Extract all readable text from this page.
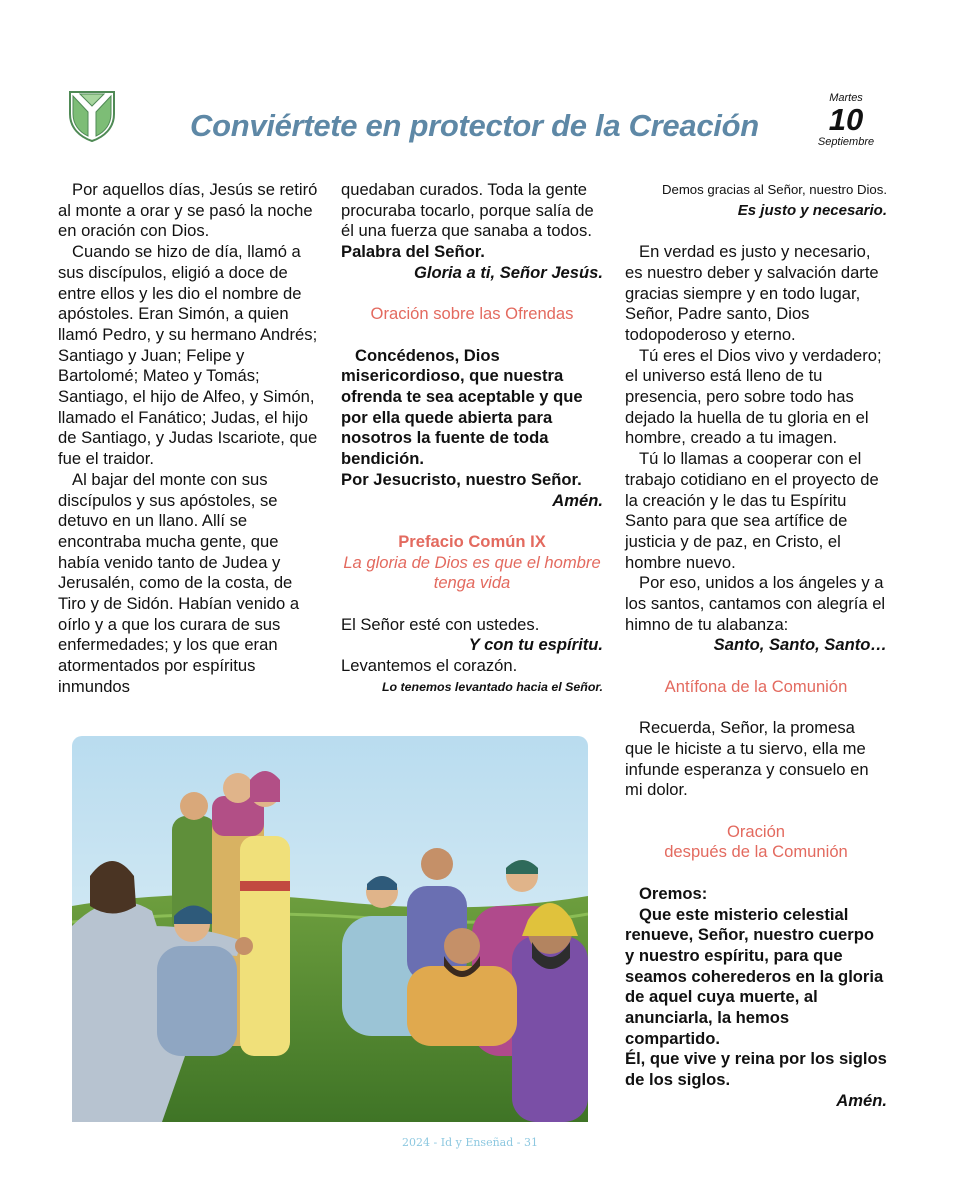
Conviértete en protector de la Creación
Martes
10
Septiembre

Por aquellos días, Jesús se retiró al monte a orar y se pasó la noche en oración con Dios.

Cuando se hizo de día, llamó a sus discípulos, eligió a doce de entre ellos y les dio el nombre de apóstoles. Eran Simón, a quien llamó Pedro, y su hermano Andrés; Santiago y Juan; Felipe y Bartolomé; Mateo y Tomás; Santiago, el hijo de Alfeo, y Simón, llamado el Fanático; Judas, el hijo de Santiago, y Judas Iscariote, que fue el traidor.

Al bajar del monte con sus discípulos y sus apóstoles, se detuvo en un llano. Allí se encontraba mucha gente, que había venido tanto de Judea y Jerusalén, como de la costa, de Tiro y de Sidón. Habían venido a oírlo y a que los curara de sus enfermedades; y los que eran atormentados por espíritus inmundos

quedaban curados. Toda la gente procuraba tocarlo, porque salía de él una fuerza que sanaba a todos.

Palabra del Señor.

Gloria a ti, Señor Jesús.

Oración sobre las Ofrendas

Concédenos, Dios misericordioso, que nuestra ofrenda te sea aceptable y que por ella quede abierta para nosotros la fuente de toda bendición.

Por Jesucristo, nuestro Señor.

Amén.

Prefacio Común IX

La gloria de Dios es que el hombre tenga vida

El Señor esté con ustedes.

Y con tu espíritu.

Levantemos el corazón.

Lo tenemos levantado hacia el Señor.

Demos gracias al Señor, nuestro Dios.

Es justo y necesario.

En verdad es justo y necesario, es nuestro deber y salvación darte gracias siempre y en todo lugar, Señor, Padre santo, Dios todopoderoso y eterno.

Tú eres el Dios vivo y verdadero; el universo está lleno de tu presencia, pero sobre todo has dejado la huella de tu gloria en el hombre, creado a tu imagen.

Tú lo llamas a cooperar con el trabajo cotidiano en el proyecto de la creación y le das tu Espíritu Santo para que sea artífice de justicia y de paz, en Cristo, el hombre nuevo.

Por eso, unidos a los ángeles y a los santos, cantamos con alegría el himno de tu alabanza:

Santo, Santo, Santo…

Antífona de la Comunión

Recuerda, Señor, la promesa que le hiciste a tu siervo, ella me infunde esperanza y consuelo en mi dolor.

Oración

después de la Comunión

Oremos:

Que este misterio celestial renueve, Señor, nuestro cuerpo y nuestro espíritu, para que seamos coherederos en la gloria de aquel cuya muerte, al anunciarla, la hemos compartido.

Él, que vive y reina por los siglos de los siglos.

Amén.

2024 - Id y Enseñad - 31
